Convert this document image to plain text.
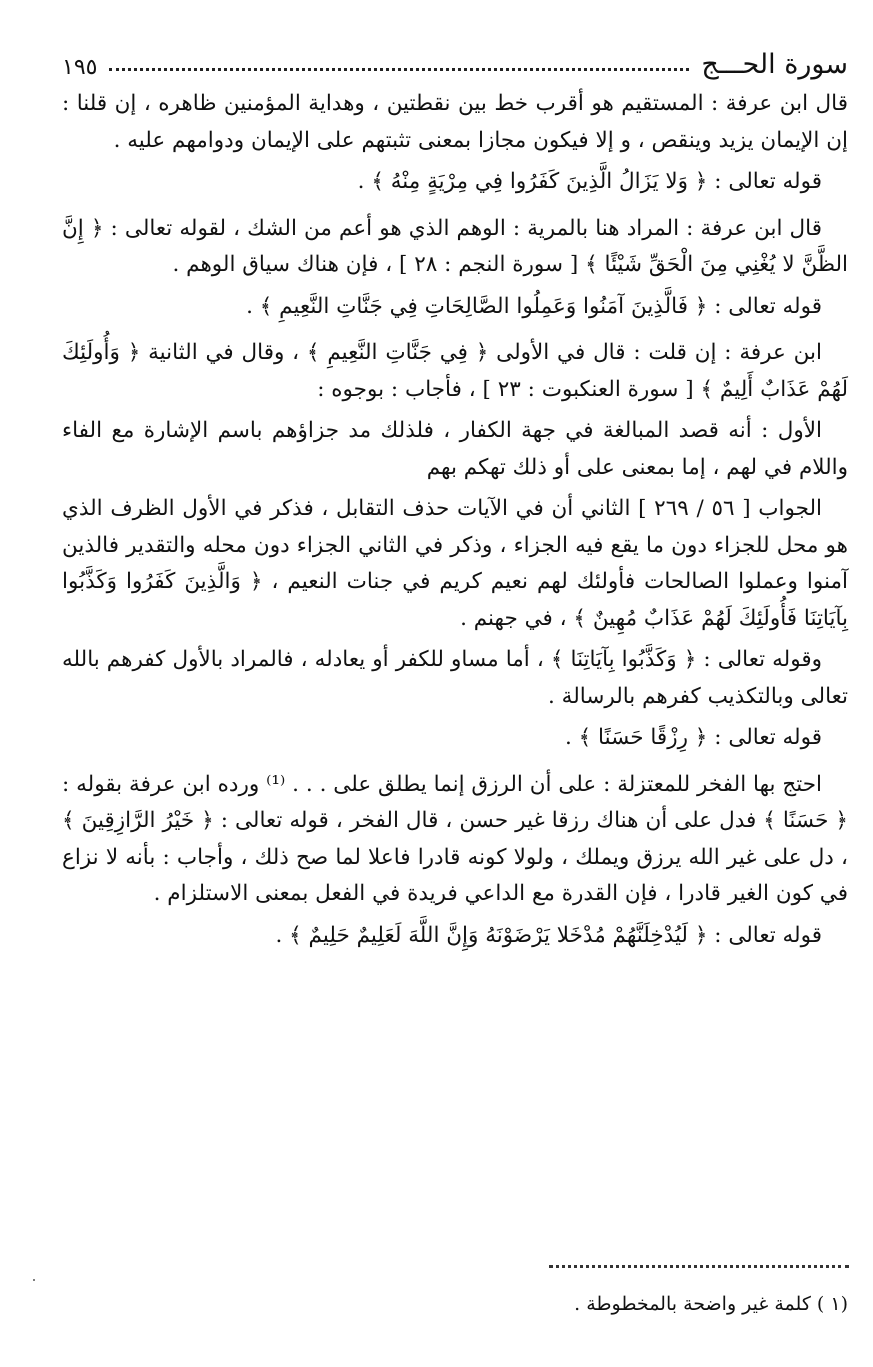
سورة الحـــج
١٩٥

قال ابن عرفة : المستقيم هو أقرب خط بين نقطتين ، وهداية المؤمنين ظاهره ، إن قلنا : إن الإيمان يزيد وينقص ، و إلا فيكون مجازا بمعنى تثبتهم على الإيمان ودوامهم عليه .

قوله تعالى : ﴿ وَلا يَزَالُ الَّذِينَ كَفَرُوا فِي مِرْيَةٍ مِنْهُ ﴾ .

قال ابن عرفة : المراد هنا بالمرية : الوهم الذي هو أعم من الشك ، لقوله تعالى : ﴿ إِنَّ الظَّنَّ لا يُغْنِي مِنَ الْحَقِّ شَيْئًا ﴾ [ سورة النجم : ٢٨ ] ، فإن هناك سياق الوهم .

قوله تعالى : ﴿ فَالَّذِينَ آمَنُوا وَعَمِلُوا الصَّالِحَاتِ فِي جَنَّاتِ النَّعِيمِ ﴾ .

ابن عرفة : إن قلت : قال في الأولى ﴿ فِي جَنَّاتِ النَّعِيمِ ﴾ ، وقال في الثانية ﴿ وَأُولَئِكَ لَهُمْ عَذَابٌ أَلِيمٌ ﴾ [ سورة العنكبوت : ٢٣ ] ، فأجاب : بوجوه :

الأول : أنه قصد المبالغة في جهة الكفار ، فلذلك مد جزاؤهم باسم الإشارة مع الفاء واللام في لهم ، إما بمعنى على أو ذلك تهكم بهم

الجواب [ ٥٦ / ٢٦٩ ] الثاني أن في الآيات حذف التقابل ، فذكر في الأول الظرف الذي هو محل للجزاء دون ما يقع فيه الجزاء ، وذكر في الثاني الجزاء دون محله والتقدير فالذين آمنوا وعملوا الصالحات فأولئك لهم نعيم كريم في جنات النعيم ، ﴿ وَالَّذِينَ كَفَرُوا وَكَذَّبُوا بِآيَاتِنَا فَأُولَئِكَ لَهُمْ عَذَابٌ مُهِينٌ ﴾ ، في جهنم .

وقوله تعالى : ﴿ وَكَذَّبُوا بِآيَاتِنَا ﴾ ، أما مساو للكفر أو يعادله ، فالمراد بالأول كفرهم بالله تعالى وبالتكذيب كفرهم بالرسالة .

قوله تعالى : ﴿ رِزْقًا حَسَنًا ﴾ .

احتج بها الفخر للمعتزلة : على أن الرزق إنما يطلق على . . . ⁽¹⁾ ورده ابن عرفة بقوله : ﴿ حَسَنًا ﴾ فدل على أن هناك رزقا غير حسن ، قال الفخر ، قوله تعالى : ﴿ خَيْرُ الرَّازِقِينَ ﴾ ، دل على غير الله يرزق ويملك ، ولولا كونه قادرا فاعلا لما صح ذلك ، وأجاب : بأنه لا نزاع في كون الغير قادرا ، فإن القدرة مع الداعي فريدة في الفعل بمعنى الاستلزام .

قوله تعالى : ﴿ لَيُدْخِلَنَّهُمْ مُدْخَلا يَرْضَوْنَهُ وَإِنَّ اللَّهَ لَعَلِيمٌ حَلِيمٌ ﴾ .

(١ ) كلمة غير واضحة بالمخطوطة .
